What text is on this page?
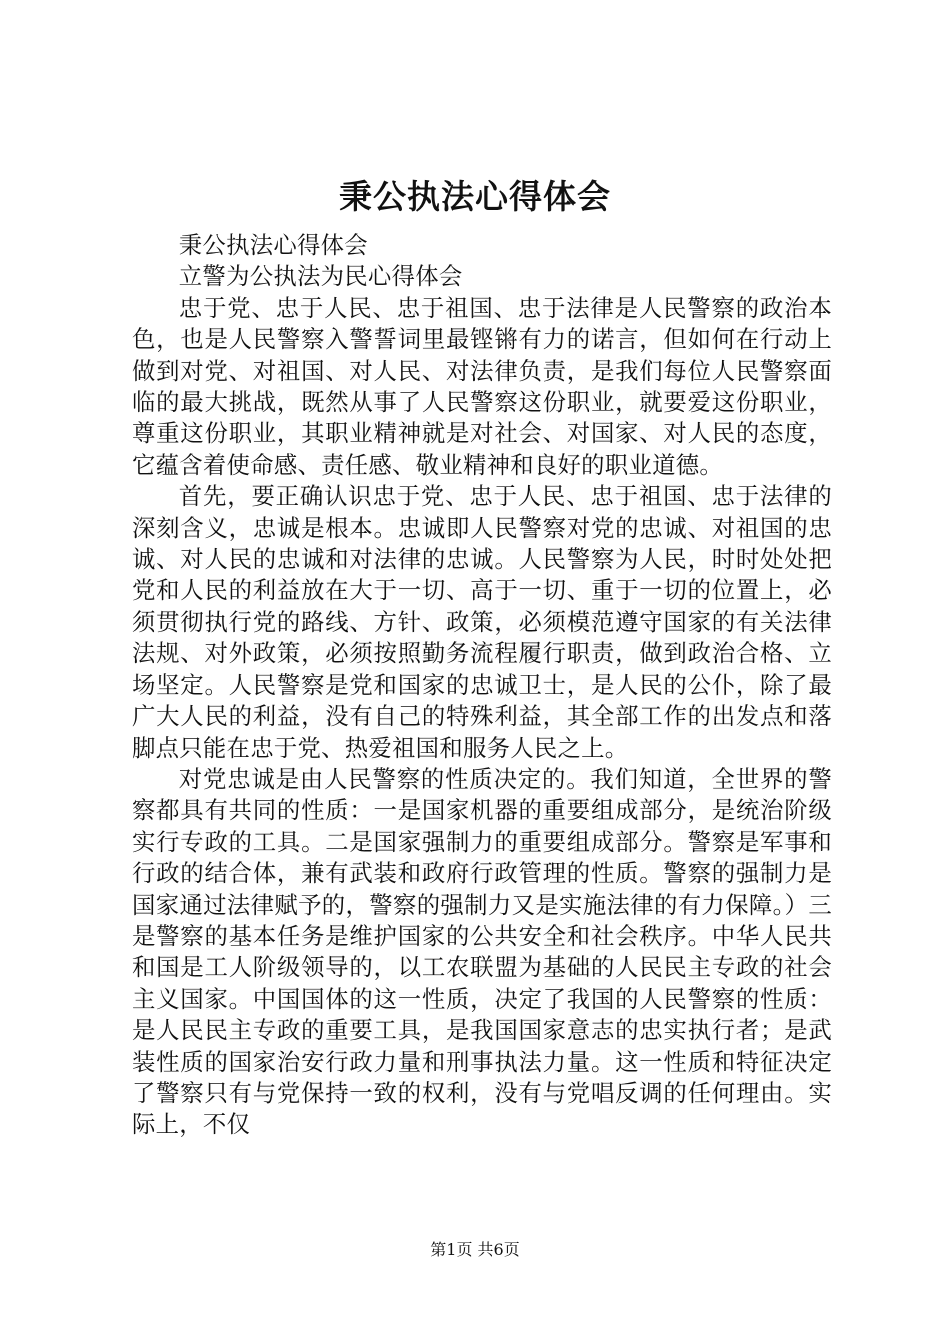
秉公执法心得体会

秉公执法心得体会

立警为公执法为民心得体会

忠于党、忠于人民、忠于祖国、忠于法律是人民警察的政治本色，也是人民警察入警誓词里最铿锵有力的诺言，但如何在行动上做到对党、对祖国、对人民、对法律负责，是我们每位人民警察面临的最大挑战，既然从事了人民警察这份职业，就要爱这份职业，尊重这份职业，其职业精神就是对社会、对国家、对人民的态度，它蕴含着使命感、责任感、敬业精神和良好的职业道德。

首先，要正确认识忠于党、忠于人民、忠于祖国、忠于法律的深刻含义，忠诚是根本。忠诚即人民警察对党的忠诚、对祖国的忠诚、对人民的忠诚和对法律的忠诚。人民警察为人民，时时处处把党和人民的利益放在大于一切、高于一切、重于一切的位置上，必须贯彻执行党的路线、方针、政策，必须模范遵守国家的有关法律法规、对外政策，必须按照勤务流程履行职责，做到政治合格、立场坚定。人民警察是党和国家的忠诚卫士，是人民的公仆，除了最广大人民的利益，没有自己的特殊利益，其全部工作的出发点和落脚点只能在忠于党、热爱祖国和服务人民之上。

对党忠诚是由人民警察的性质决定的。我们知道，全世界的警察都具有共同的性质：一是国家机器的重要组成部分，是统治阶级实行专政的工具。二是国家强制力的重要组成部分。警察是军事和行政的结合体，兼有武装和政府行政管理的性质。警察的强制力是国家通过法律赋予的，警察的强制力又是实施法律的有力保障。）三是警察的基本任务是维护国家的公共安全和社会秩序。中华人民共和国是工人阶级领导的，以工农联盟为基础的人民民主专政的社会主义国家。中国国体的这一性质，决定了我国的人民警察的性质：是人民民主专政的重要工具，是我国国家意志的忠实执行者；是武装性质的国家治安行政力量和刑事执法力量。这一性质和特征决定了警察只有与党保持一致的权利，没有与党唱反调的任何理由。实际上，不仅

第1页 共6页
